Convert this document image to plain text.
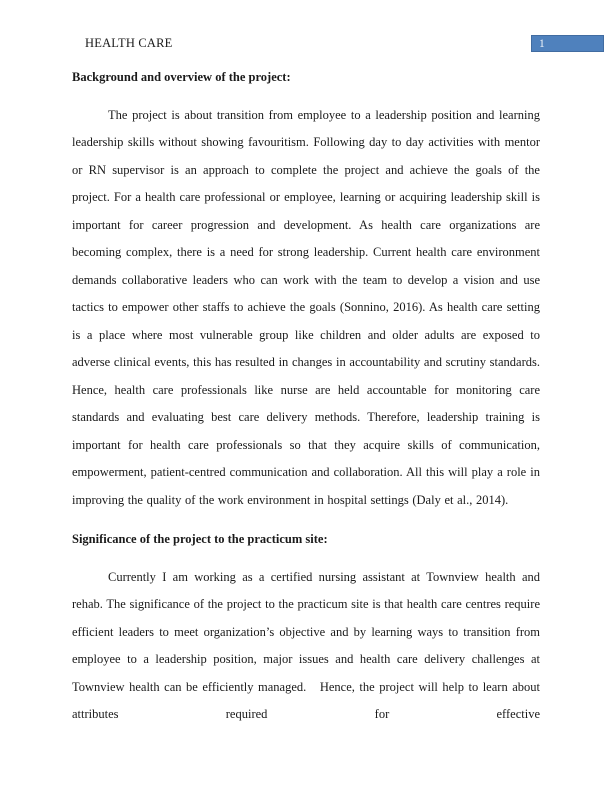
HEALTH CARE	1
Background and overview of the project:

The project is about transition from employee to a leadership position and learning leadership skills without showing favouritism. Following day to day activities with mentor or RN supervisor is an approach to complete the project and achieve the goals of the project. For a health care professional or employee, learning or acquiring leadership skill is important for career progression and development. As health care organizations are becoming complex, there is a need for strong leadership. Current health care environment demands collaborative leaders who can work with the team to develop a vision and use tactics to empower other staffs to achieve the goals (Sonnino, 2016). As health care setting is a place where most vulnerable group like children and older adults are exposed to adverse clinical events, this has resulted in changes in accountability and scrutiny standards. Hence, health care professionals like nurse are held accountable for monitoring care standards and evaluating best care delivery methods. Therefore, leadership training is important for health care professionals so that they acquire skills of communication, empowerment, patient-centred communication and collaboration. All this will play a role in improving the quality of the work environment in hospital settings (Daly et al., 2014).

Significance of the project to the practicum site:

Currently I am working as a certified nursing assistant at Townview health and rehab. The significance of the project to the practicum site is that health care centres require efficient leaders to meet organization’s objective and by learning ways to transition from employee to a leadership position, major issues and health care delivery challenges at Townview health can be efficiently managed.   Hence, the project will help to learn about attributes required for effective
